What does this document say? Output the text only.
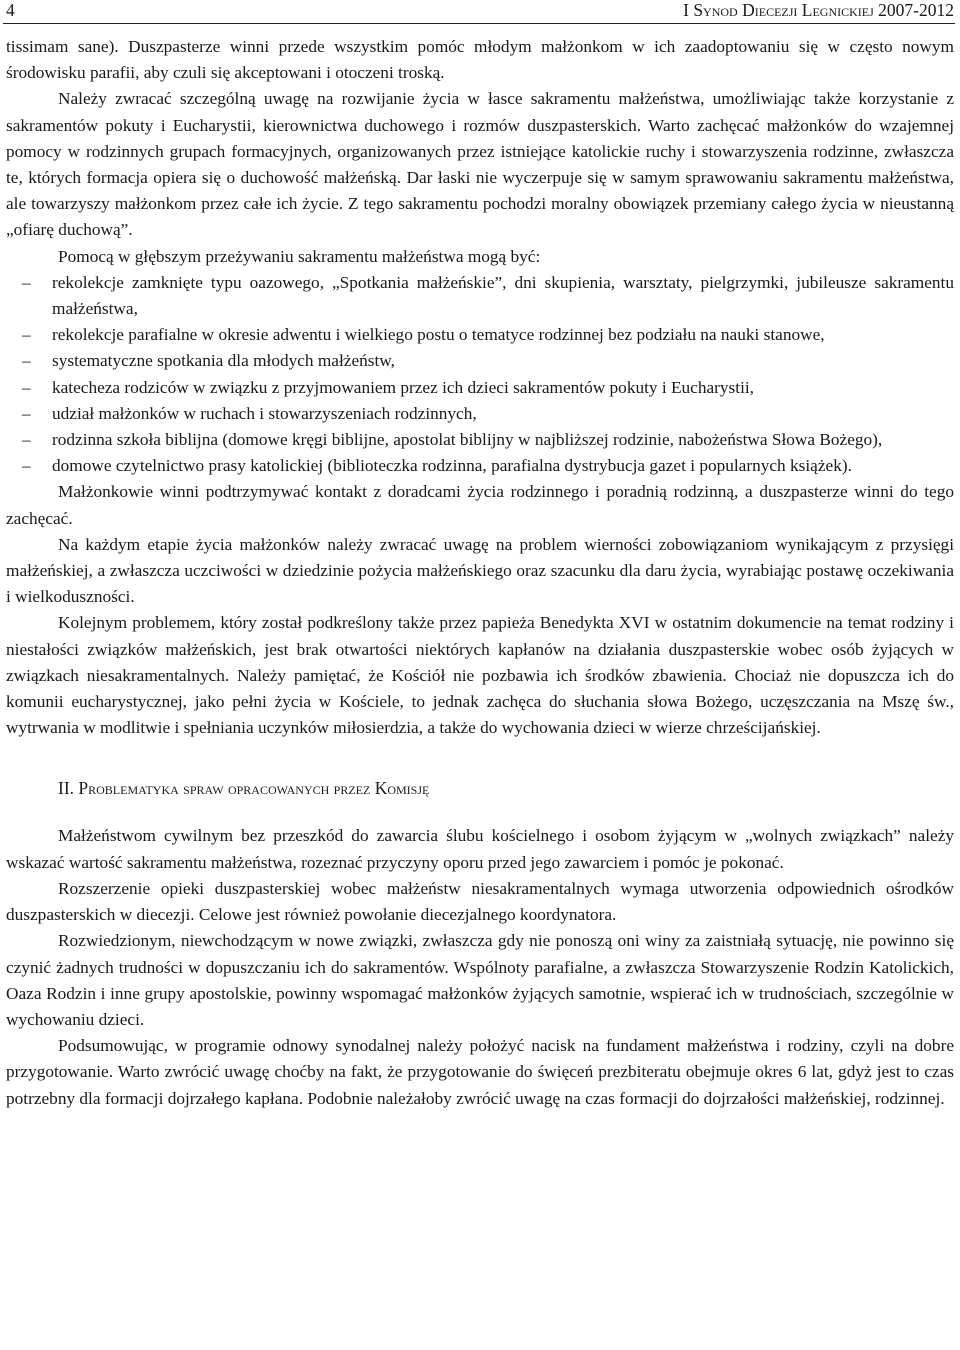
4	I Synod Diecezji Legnickiej 2007-2012

tissimam sane). Duszpasterze winni przede wszystkim pomóc młodym małżonkom w ich zaadoptowaniu się w często nowym środowisku parafii, aby czuli się akceptowani i otoczeni troską.

Należy zwracać szczególną uwagę na rozwijanie życia w łasce sakramentu małżeństwa, umożliwiając także korzystanie z sakramentów pokuty i Eucharystii, kierownictwa duchowego i rozmów duszpasterskich. Warto zachęcać małżonków do wzajemnej pomocy w rodzinnych grupach formacyjnych, organizowanych przez istniejące katolickie ruchy i stowarzyszenia rodzinne, zwłaszcza te, których formacja opiera się o duchowość małżeńską. Dar łaski nie wyczerpuje się w samym sprawowaniu sakramentu małżeństwa, ale towarzyszy małżonkom przez całe ich życie. Z tego sakramentu pochodzi moralny obowiązek przemiany całego życia w nieustanną „ofiarę duchową”.

Pomocą w głębszym przeżywaniu sakramentu małżeństwa mogą być:

– rekolekcje zamknięte typu oazowego, „Spotkania małżeńskie”, dni skupienia, warsztaty, pielgrzymki, jubileusze sakramentu małżeństwa,
– rekolekcje parafialne w okresie adwentu i wielkiego postu o tematyce rodzinnej bez podziału na nauki stanowe,
– systematyczne spotkania dla młodych małżeństw,
– katecheza rodziców w związku z przyjmowaniem przez ich dzieci sakramentów pokuty i Eucharystii,
– udział małżonków w ruchach i stowarzyszeniach rodzinnych,
– rodzinna szkoła biblijna (domowe kręgi biblijne, apostolat biblijny w najbliższej rodzinie, nabożeństwa Słowa Bożego),
– domowe czytelnictwo prasy katolickiej (biblioteczka rodzinna, parafialna dystrybucja gazet i popularnych książek).

Małżonkowie winni podtrzymywać kontakt z doradcami życia rodzinnego i poradnią rodzinną, a duszpasterze winni do tego zachęcać.

Na każdym etapie życia małżonków należy zwracać uwagę na problem wierności zobowiązaniom wynikającym z przysięgi małżeńskiej, a zwłaszcza uczciwości w dziedzinie pożycia małżeńskiego oraz szacunku dla daru życia, wyrabiając postawę oczekiwania i wielkoduszności.

Kolejnym problemem, który został podkreślony także przez papieża Benedykta XVI w ostatnim dokumencie na temat rodziny i niestałości związków małżeńskich, jest brak otwartości niektórych kapłanów na działania duszpasterskie wobec osób żyjących w związkach niesakramentalnych. Należy pamiętać, że Kościół nie pozbawia ich środków zbawienia. Chociaż nie dopuszcza ich do komunii eucharystycznej, jako pełni życia w Kościele, to jednak zachęca do słuchania słowa Bożego, uczęszczania na Mszę św., wytrwania w modlitwie i spełniania uczynków miłosierdzia, a także do wychowania dzieci w wierze chrześcijańskiej.

II. Problematyka spraw opracowanych przez Komisję

Małżeństwom cywilnym bez przeszkód do zawarcia ślubu kościelnego i osobom żyjącym w „wolnych związkach” należy wskazać wartość sakramentu małżeństwa, rozeznać przyczyny oporu przed jego zawarciem i pomóc je pokonać.

Rozszerzenie opieki duszpasterskiej wobec małżeństw niesakramentalnych wymaga utworzenia odpowiednich ośrodków duszpasterskich w diecezji. Celowe jest również powołanie diecezjalnego koordynatora.

Rozwiedzionym, niewchodzącym w nowe związki, zwłaszcza gdy nie ponoszą oni winy za zaistniałą sytuację, nie powinno się czynić żadnych trudności w dopuszczaniu ich do sakramentów. Wspólnoty parafialne, a zwłaszcza Stowarzyszenie Rodzin Katolickich, Oaza Rodzin i inne grupy apostolskie, powinny wspomagać małżonków żyjących samotnie, wspierać ich w trudnościach, szczególnie w wychowaniu dzieci.

Podsumowując, w programie odnowy synodalnej należy położyć nacisk na fundament małżeństwa i rodziny, czyli na dobre przygotowanie. Warto zwrócić uwagę choćby na fakt, że przygotowanie do święceń prezbiteratu obejmuje okres 6 lat, gdyż jest to czas potrzebny dla formacji dojrzałego kapłana. Podobnie należałoby zwrócić uwagę na czas formacji do dojrzałości małżeńskiej, rodzinnej.
